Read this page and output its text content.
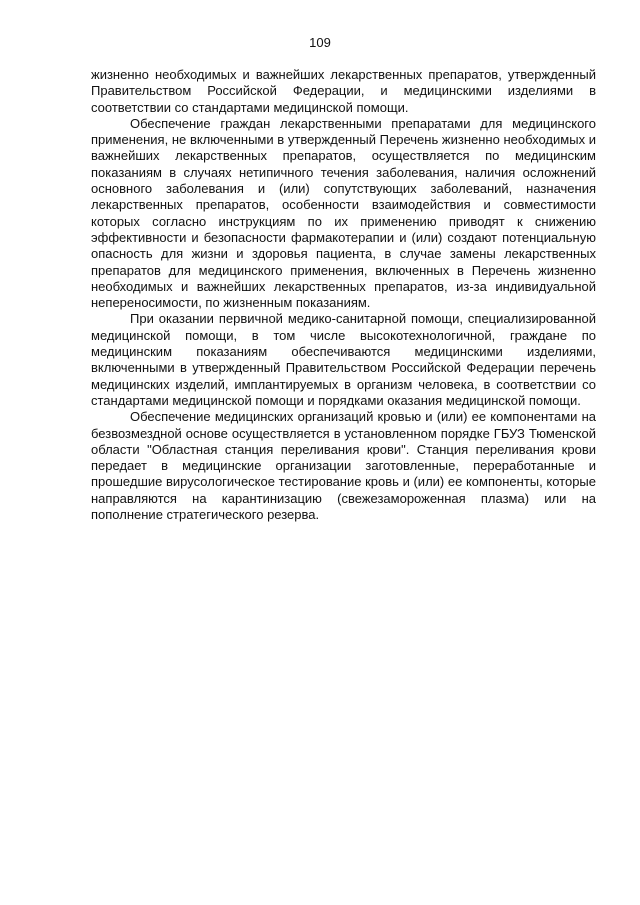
109

жизненно необходимых и важнейших лекарственных препаратов, утвержденный Правительством Российской Федерации, и медицинскими изделиями в соответствии со стандартами медицинской помощи.

Обеспечение граждан лекарственными препаратами для медицинского применения, не включенными в утвержденный Перечень жизненно необходимых и важнейших лекарственных препаратов, осуществляется по медицинским показаниям в случаях нетипичного течения заболевания, наличия осложнений основного заболевания и (или) сопутствующих заболеваний, назначения лекарственных препаратов, особенности взаимодействия и совместимости которых согласно инструкциям по их применению приводят к снижению эффективности и безопасности фармакотерапии и (или) создают потенциальную опасность для жизни и здоровья пациента, в случае замены лекарственных препаратов для медицинского применения, включенных в Перечень жизненно необходимых и важнейших лекарственных препаратов, из-за индивидуальной непереносимости, по жизненным показаниям.

При оказании первичной медико-санитарной помощи, специализированной медицинской помощи, в том числе высокотехнологичной, граждане по медицинским показаниям обеспечиваются медицинскими изделиями, включенными в утвержденный Правительством Российской Федерации перечень медицинских изделий, имплантируемых в организм человека, в соответствии со стандартами медицинской помощи и порядками оказания медицинской помощи.

Обеспечение медицинских организаций кровью и (или) ее компонентами на безвозмездной основе осуществляется в установленном порядке ГБУЗ Тюменской области "Областная станция переливания крови". Станция переливания крови передает в медицинские организации заготовленные, переработанные и прошедшие вирусологическое тестирование кровь и (или) ее компоненты, которые направляются на карантинизацию (свежезамороженная плазма) или на пополнение стратегического резерва.
